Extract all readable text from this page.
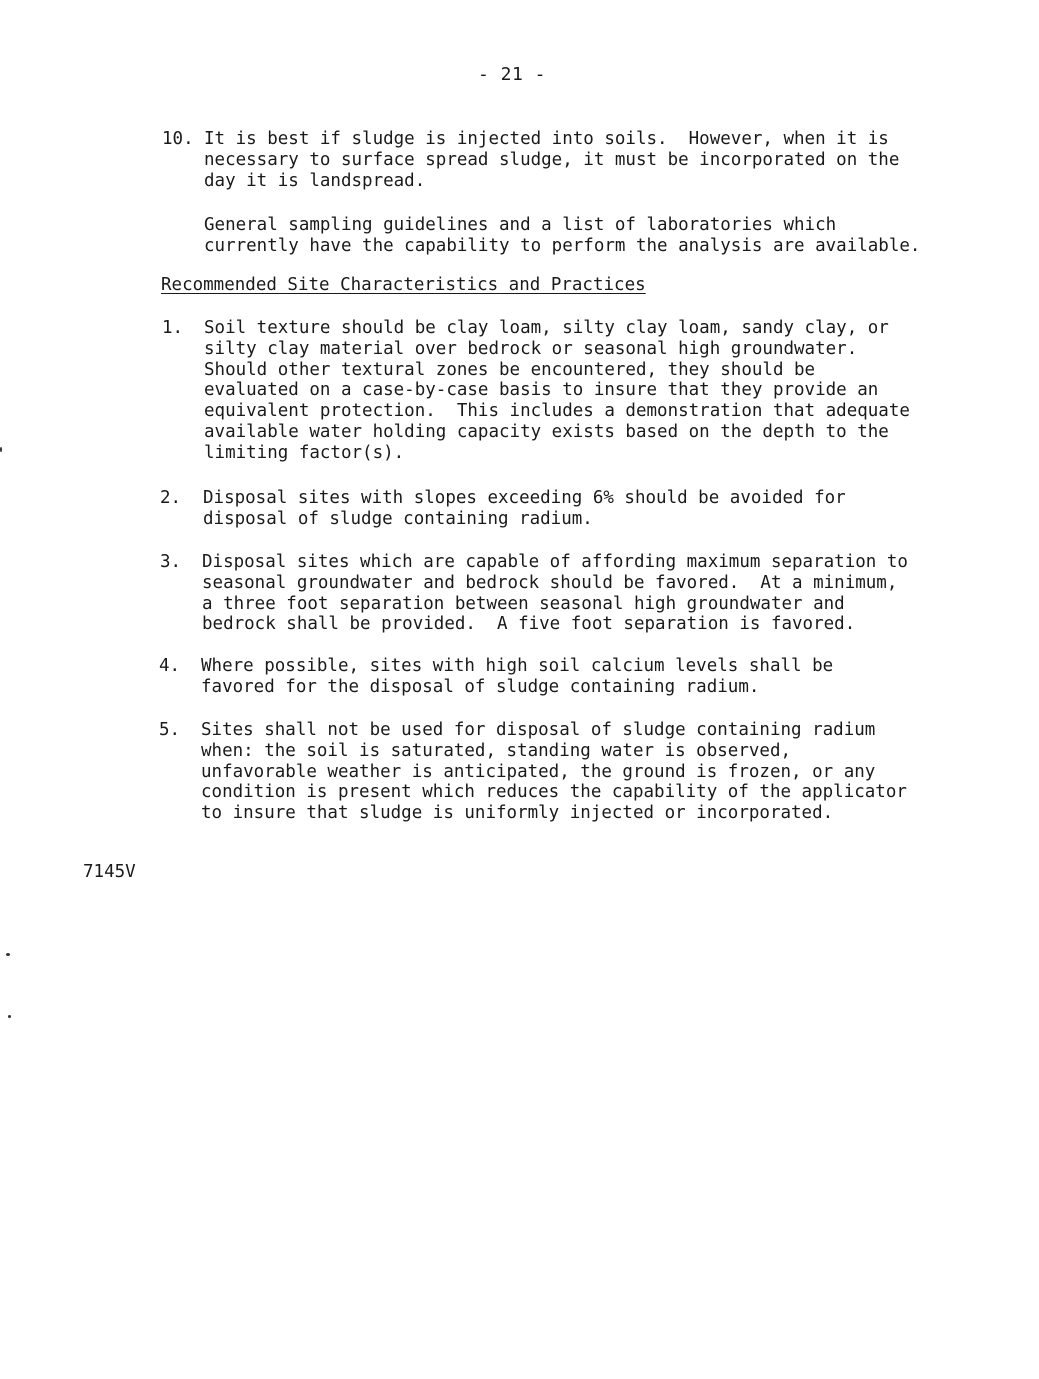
- 21 -
10. It is best if sludge is injected into soils.  However, when it is
necessary to surface spread sludge, it must be incorporated on the
day it is landspread.
General sampling guidelines and a list of laboratories which
currently have the capability to perform the analysis are available.
Recommended Site Characteristics and Practices
1. Soil texture should be clay loam, silty clay loam, sandy clay, or
silty clay material over bedrock or seasonal high groundwater.
Should other textural zones be encountered, they should be
evaluated on a case-by-case basis to insure that they provide an
equivalent protection.  This includes a demonstration that adequate
available water holding capacity exists based on the depth to the
limiting factor(s).
2. Disposal sites with slopes exceeding 6% should be avoided for
disposal of sludge containing radium.
3. Disposal sites which are capable of affording maximum separation to
seasonal groundwater and bedrock should be favored.  At a minimum,
a three foot separation between seasonal high groundwater and
bedrock shall be provided.  A five foot separation is favored.
4. Where possible, sites with high soil calcium levels shall be
favored for the disposal of sludge containing radium.
5. Sites shall not be used for disposal of sludge containing radium
when: the soil is saturated, standing water is observed,
unfavorable weather is anticipated, the ground is frozen, or any
condition is present which reduces the capability of the applicator
to insure that sludge is uniformly injected or incorporated.
7145V
